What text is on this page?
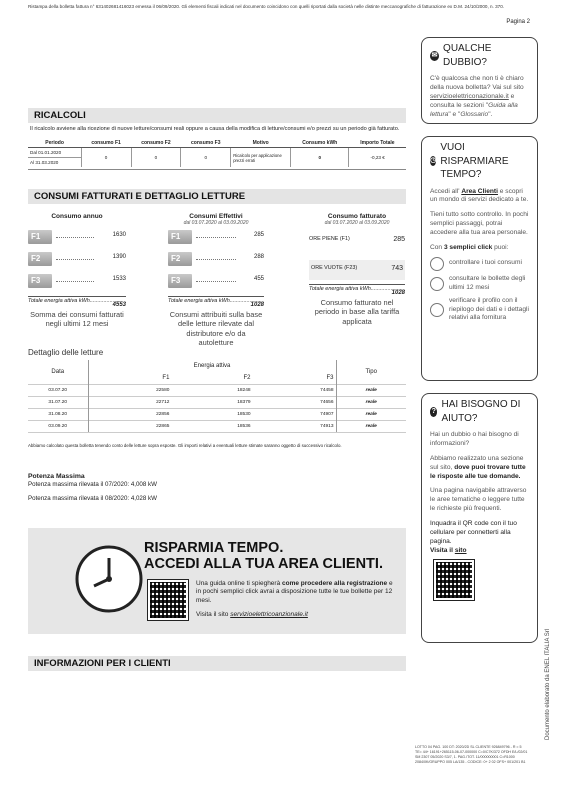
Ristampa della bolletta fattura n° 631402681416023 emessa il 06/09/2020. Gli elementi fiscali indicati nel documento coincidono con quelli riportati dalla società nelle distinte meccanografiche di fatturazione ex D.M. 24/10/2000, n. 370.
Pagina 2
RICALCOLI
Il ricalcolo avviene alla ricezione di nuove letture/consumi reali oppure a causa della modifica di letture/consumi e/o prezzi su un periodo già fatturato.
Periodo	consumo F1	consumo F2	consumo F3	Motivo	Consumo kWh	Importo Totale

Dal 01.01.2020
Al 31.03.2020	0	0	0	Ricalcolo per applicazione prezzi errati	0	-0,23 €
CONSUMI FATTURATI E DETTAGLIO LETTURE
Consumo annuo
F1	1630
F2	1390
F3	1533
Totale energia attiva kWh.....................
4553
Somma dei consumi fatturati negli ultimi 12 mesi
Consumi Effettivi
dal 03.07.2020 al 03.09.2020
F1	285
F2	288
F3	455
Totale energia attiva kWh.....................
1028
Consumi attribuiti sulla base delle letture rilevate dal distributore e/o da autoletture
Consumo fatturato
dal 03.07.2020 al 03.09.2020
ORE PIENE (F1)	285
ORE VUOTE (F23)	743
Totale energia attiva kWh.....................
1028
Consumo fatturato nel periodo in base alla tariffa applicata
Dettaglio delle letture
Data	Energia attiva			Tipo
	F1	F2	F3	
03.07.20	22580	18248	74458	reale
31.07.20	22712	18379	74656	reale
31.08.20	22856	18530	74907	reale
03.09.20	22865	18536	74913	reale
Abbiamo calcolato questa bolletta tenendo conto delle letture sopra esposte. Gli importi relativi a eventuali letture stimate saranno oggetto di successivo ricalcolo.
Potenza Massima
Potenza massima rilevata il 07/2020: 4,008 kW
Potenza massima rilevata il 08/2020: 4,028 kW
RISPARMIA TEMPO.
ACCEDI ALLA TUA AREA CLIENTI.
Una guida online ti spiegherà come procedere alla registrazione e in pochi semplici click avrai a disposizione tutte le tue bollette per 12 mesi.
Visita il sito servizioelettricoanzionale.it
INFORMAZIONI PER I CLIENTI
✉
QUALCHE DUBBIO?
C'è qualcosa che non ti è chiaro della nuova bolletta? Vai sul sito servizioelettriconazionale.it e consulta le sezioni "Guida alla lettura" e "Glossario".
◷
VUOI RISPARMIARE TEMPO?
Accedi all' Area Clienti e scopri un mondo di servizi dedicato a te.
Tieni tutto sotto controllo. In pochi semplici passaggi, potrai accedere alla tua area personale.
Con 3 semplici click puoi:
controllare i tuoi consumi
consultare le bollette degli ultimi 12 mesi
verificare il profilo con il riepilogo dei dati e i dettagli relativi alla fornitura
?
HAI BISOGNO DI AIUTO?
Hai un dubbio o hai bisogno di informazioni?
Abbiamo realizzato una sezione sul sito, dove puoi trovare tutte le risposte alle tue domande.
Una pagina navigabile attraverso le aree tematiche o leggere tutte le richieste più frequenti.
Inquadra il QR code con il tuo cellulare per connetterti alla pagina.
Visita il sito
Documento elaborato da ENEL ITALIA Srl
LOTTO 04 PAG. 100 DT: 2020/2D SL CLIENTE 926849796 - R = 5
TE= 44+ 16191+265115-06-07-000000 C=0/C7K/372 OFDH E/L/02/01
SM 2307 05/2020 S3/7, 1. PAG./TOT. 11/000000001 C=R1000
2084/0K/GRUPPO 005 LA/135 - CODICE: 0+ 2 02 OFS+ 001/201 B1
